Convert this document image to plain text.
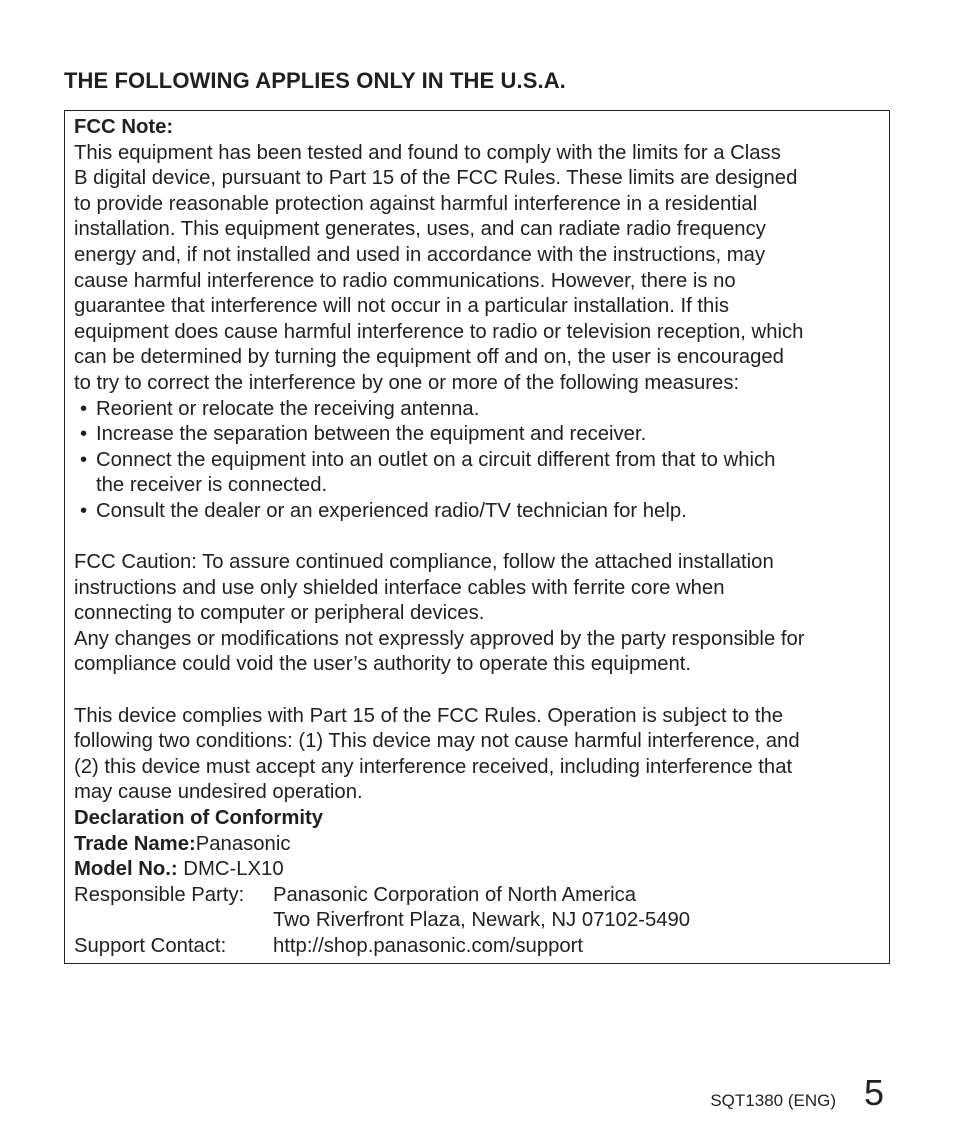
THE FOLLOWING APPLIES ONLY IN THE U.S.A.
FCC Note:
This equipment has been tested and found to comply with the limits for a Class
B digital device, pursuant to Part 15 of the FCC Rules. These limits are designed
to provide reasonable protection against harmful interference in a residential
installation. This equipment generates, uses, and can radiate radio frequency
energy and, if not installed and used in accordance with the instructions, may
cause harmful interference to radio communications. However, there is no
guarantee that interference will not occur in a particular installation. If this
equipment does cause harmful interference to radio or television reception, which
can be determined by turning the equipment off and on, the user is encouraged
to try to correct the interference by one or more of the following measures:
• Reorient or relocate the receiving antenna.
• Increase the separation between the equipment and receiver.
• Connect the equipment into an outlet on a circuit different from that to which
the receiver is connected.
• Consult the dealer or an experienced radio/TV technician for help.
FCC Caution: To assure continued compliance, follow the attached installation
instructions and use only shielded interface cables with ferrite core when
connecting to computer or peripheral devices.
Any changes or modifications not expressly approved by the party responsible for
compliance could void the user’s authority to operate this equipment.
This device complies with Part 15 of the FCC Rules. Operation is subject to the
following two conditions: (1) This device may not cause harmful interference, and
(2) this device must accept any interference received, including interference that
may cause undesired operation.
Declaration of Conformity
Trade Name:Panasonic
Model No.: DMC-LX10
Responsible Party: Panasonic Corporation of North America
Two Riverfront Plaza, Newark, NJ 07102-5490
Support Contact: http://shop.panasonic.com/support
SQT1380 (ENG) 5
